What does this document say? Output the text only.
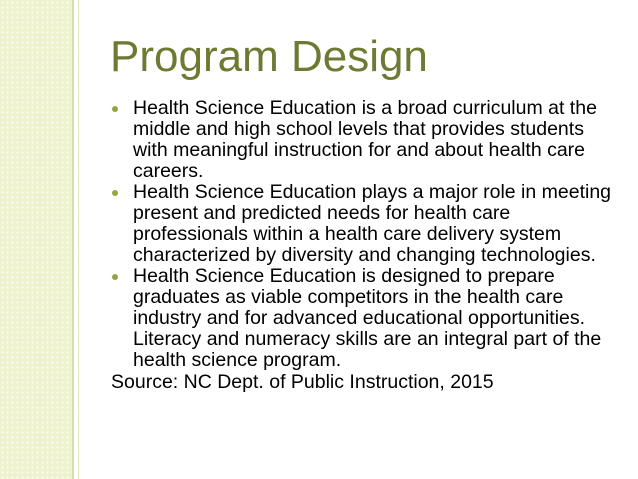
Program Design
Health Science Education is a broad curriculum at the middle and high school levels that provides students with meaningful instruction for and about health care careers.
Health Science Education plays a major role in meeting present and predicted needs for health care professionals within a health care delivery system characterized by diversity and changing technologies.
Health Science Education is designed to prepare graduates as viable competitors in the health care industry and for advanced educational opportunities. Literacy and numeracy skills are an integral part of the health science program.
Source: NC Dept. of Public Instruction, 2015
